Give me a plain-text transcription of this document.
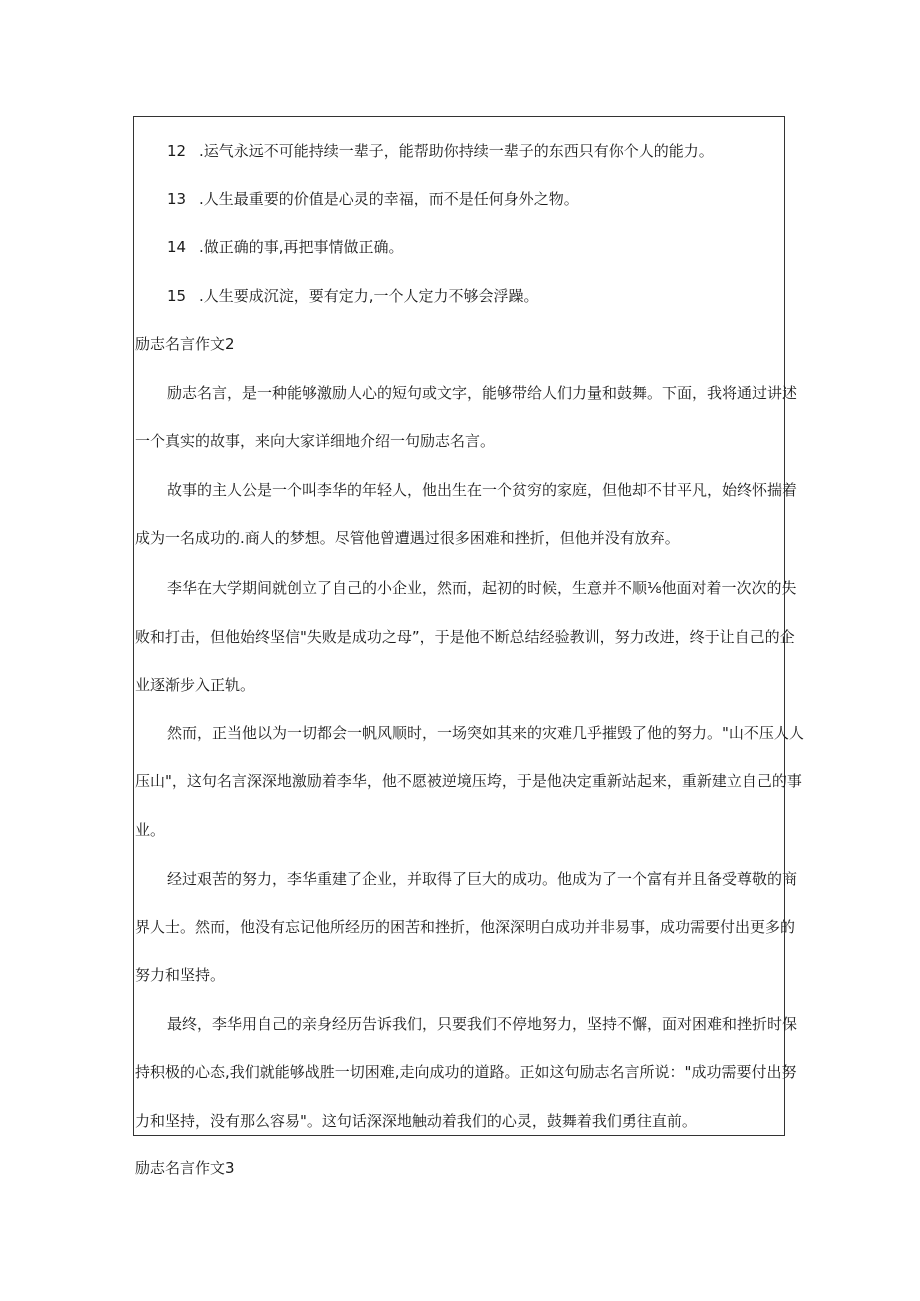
12 .运气永远不可能持续一辈子，能帮助你持续一辈子的东西只有你个人的能力。
13 .人生最重要的价值是心灵的幸福，而不是任何身外之物。
14 .做正确的事,再把事情做正确。
15 .人生要成沉淀，要有定力,一个人定力不够会浮躁。
励志名言作文2
励志名言，是一种能够激励人心的短句或文字，能够带给人们力量和鼓舞。下面，我将通过讲述
一个真实的故事，来向大家详细地介绍一句励志名言。
故事的主人公是一个叫李华的年轻人，他出生在一个贫穷的家庭，但他却不甘平凡，始终怀揣着
成为一名成功的.商人的梦想。尽管他曾遭遇过很多困难和挫折，但他并没有放弃。
李华在大学期间就创立了自己的小企业，然而，起初的时候，生意并不顺⅛他面对着一次次的失
败和打击，但他始终坚信"失败是成功之母”，于是他不断总结经验教训，努力改进，终于让自己的企
业逐渐步入正轨。
然而，正当他以为一切都会一帆风顺时，一场突如其来的灾难几乎摧毁了他的努力。"山不压人人
压山"，这句名言深深地激励着李华，他不愿被逆境压垮，于是他决定重新站起来，重新建立自己的事
业。
经过艰苦的努力，李华重建了企业，并取得了巨大的成功。他成为了一个富有并且备受尊敬的商
界人士。然而，他没有忘记他所经历的困苦和挫折，他深深明白成功并非易事，成功需要付出更多的
努力和坚持。
最终，李华用自己的亲身经历告诉我们，只要我们不停地努力，坚持不懈，面对困难和挫折时保
持积极的心态,我们就能够战胜一切困难,走向成功的道路。正如这句励志名言所说："成功需要付出努
力和坚持，没有那么容易"。这句话深深地触动着我们的心灵，鼓舞着我们勇往直前。
励志名言作文3
